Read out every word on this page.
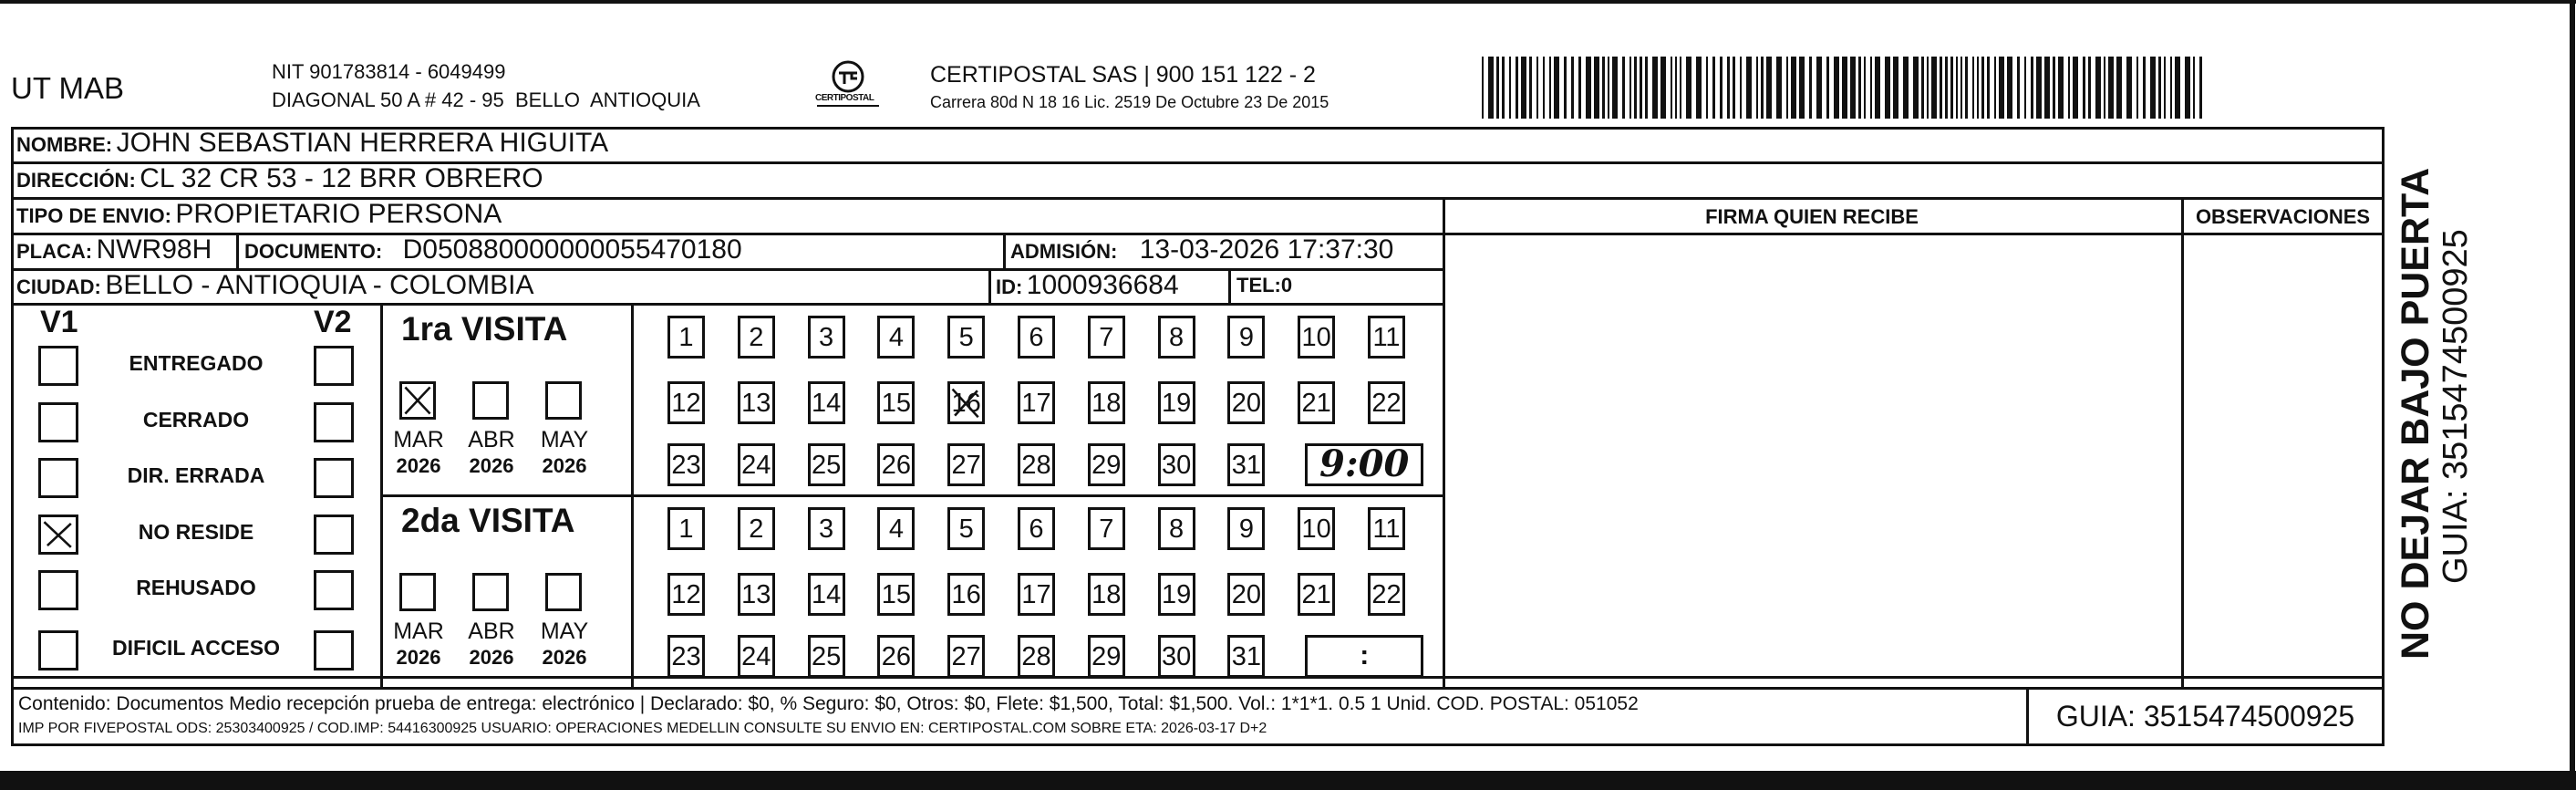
UT MAB	NIT 901783814 - 6049499
DIAGONAL 50 A # 42 - 95  BELLO  ANTIOQUIA	CERTIPOSTAL
CERTIPOSTAL SAS | 900 151 122 - 2
Carrera 80d N 18 16 Lic. 2519 De Octubre 23 De 2015
NOMBRE: JOHN SEBASTIAN HERRERA HIGUITA
DIRECCIÓN: CL 32 CR 53 - 12 BRR OBRERO
TIPO DE ENVIO: PROPIETARIO PERSONA
PLACA: NWR98H DOCUMENTO: D050880000000055470180	ADMISIÓN: 13-03-2026 17:37:30
CIUDAD: BELLO - ANTIOQUIA - COLOMBIA	ID: 1000936684	TEL:0
FIRMA QUIEN RECIBE	OBSERVACIONES
V1	V2
ENTREGADO
CERRADO
DIR. ERRADA
NO RESIDE
REHUSADO
DIFICIL ACCESO
1ra VISITA
MAR
2026
ABR
2026
MAY
2026
1	2	3	4	5	6	7	8	9	10 11
12 13 14 15 16 17 18 19 20 21 22
23 24 25 26 27 28 29 30 31	9:00
2da VISITA
MAR
2026
ABR
2026
MAY
2026
1	2	3	4	5	6	7	8	9	10 11
12 13 14 15 16 17 18 19 20 21 22
23 24 25 26 27 28 29 30 31	:
Contenido: Documentos Medio recepción prueba de entrega: electrónico | Declarado: $0, % Seguro: $0, Otros: $0, Flete: $1,500, Total: $1,500. Vol.: 1*1*1. 0.5 1 Unid. COD. POSTAL: 051052
IMP POR FIVEPOSTAL ODS: 25303400925 / COD.IMP: 54416300925 USUARIO: OPERACIONES MEDELLIN CONSULTE SU ENVIO EN: CERTIPOSTAL.COM SOBRE ETA: 2026-03-17 D+2	GUIA: 3515474500925
NO DEJAR BAJO PUERTA GUIA: 3515474500925
